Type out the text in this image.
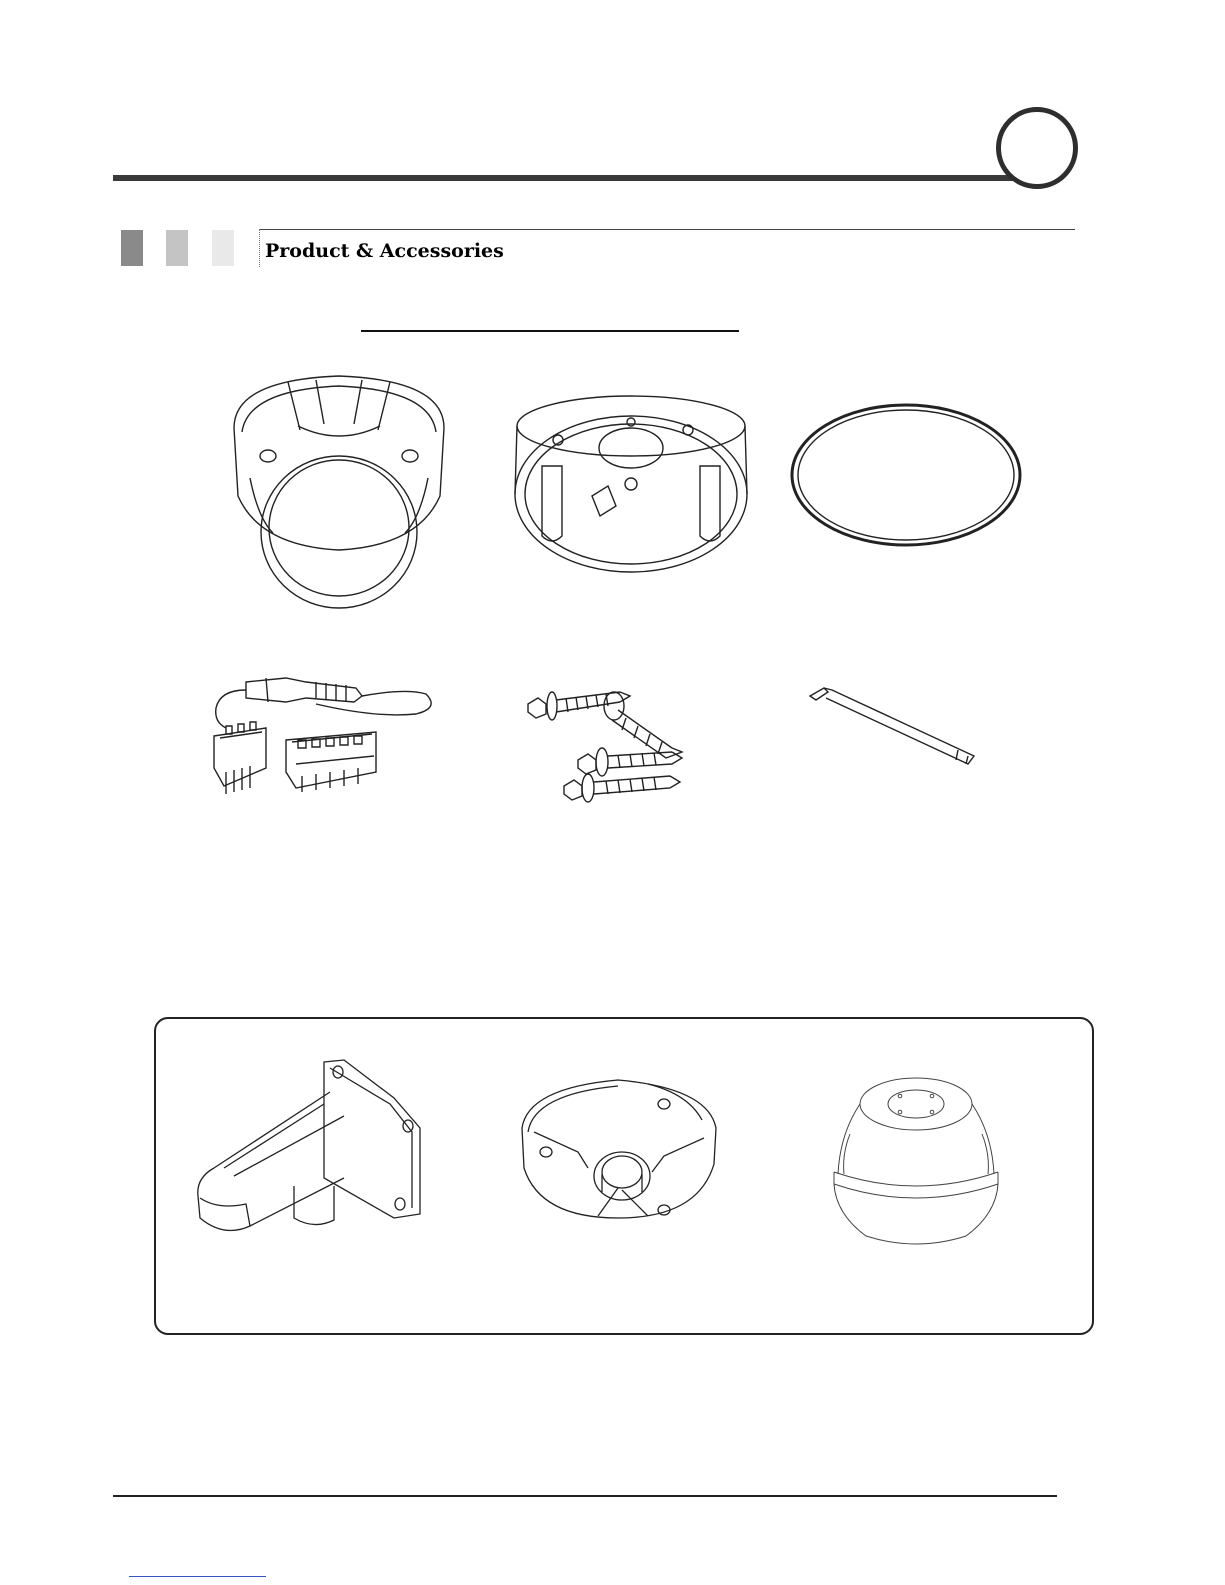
Product & Accessories
